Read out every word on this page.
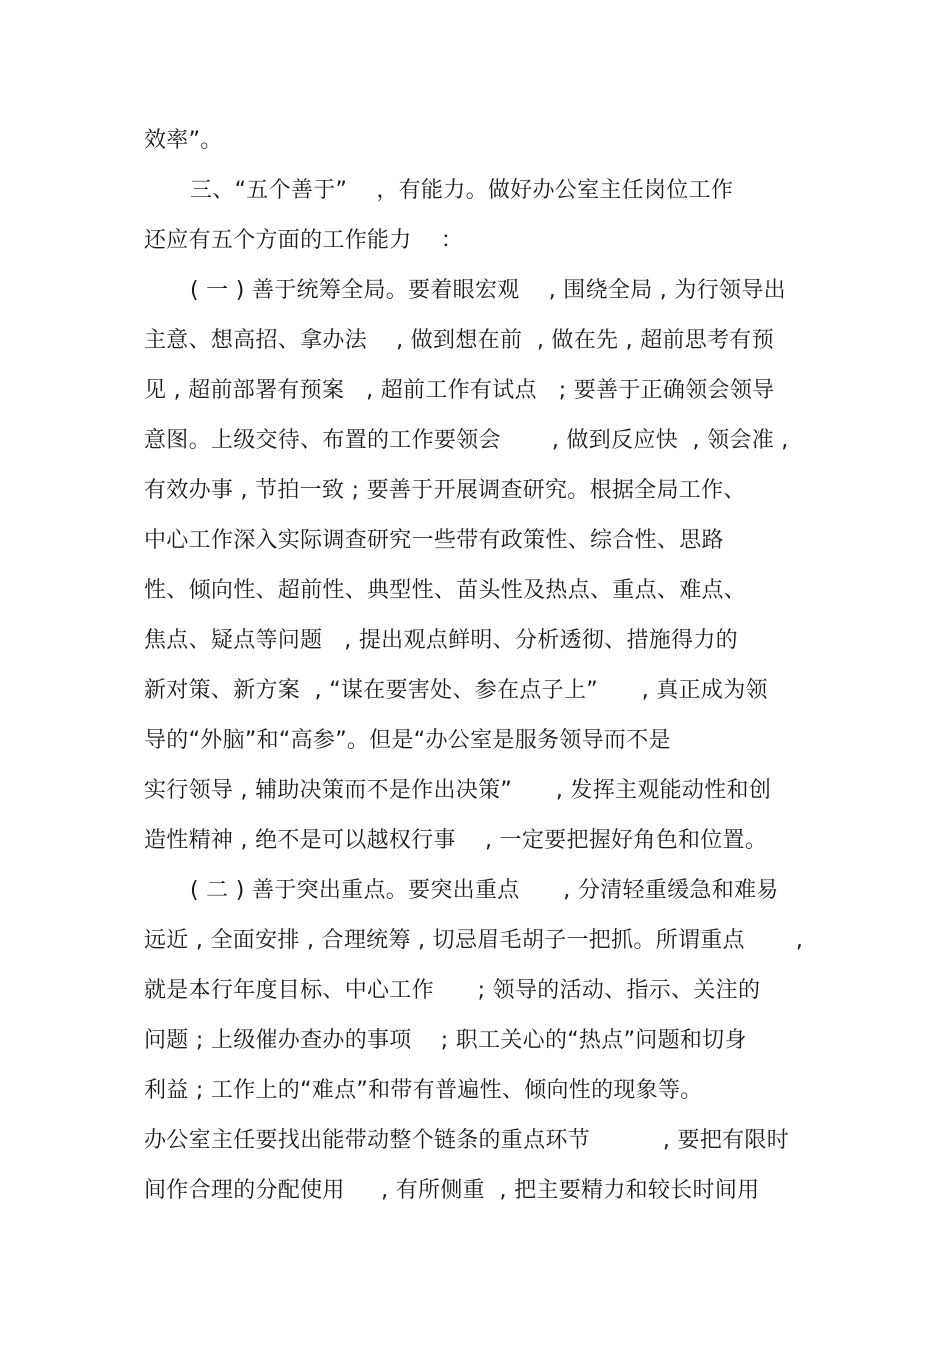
效率”。
三、“五个善于”    ，有能力。做好办公室主任岗位工作
还应有五个方面的工作能力    ：
( 一 ) 善于统筹全局。要着眼宏观    , 围绕全局 , 为行领导出
主意、想高招、拿办法    , 做到想在前  , 做在先 , 超前思考有预
见 , 超前部署有预案   , 超前工作有试点   ; 要善于正确领会领导
意图。上级交待、布置的工作要领会       , 做到反应快  , 领会准 ,
有效办事 , 节拍一致 ; 要善于开展调查研究。根据全局工作、
中心工作深入实际调查研究一些带有政策性、综合性、思路
性、倾向性、超前性、典型性、苗头性及热点、重点、难点、
焦点、疑点等问题   , 提出观点鲜明、分析透彻、措施得力的
新对策、新方案  , “谋在要害处、参在点子上”      , 真正成为领
导的“外脑”和“高参”。但是“办公室是服务领导而不是
实行领导 , 辅助决策而不是作出决策”      , 发挥主观能动性和创
造性精神 , 绝不是可以越权行事    , 一定要把握好角色和位置。
( 二 ) 善于突出重点。要突出重点      , 分清轻重缓急和难易
远近 , 全面安排 , 合理统筹 , 切忌眉毛胡子一把抓。所谓重点       ,
就是本行年度目标、中心工作      ; 领导的活动、指示、关注的
问题 ; 上级催办查办的事项    ; 职工关心的“热点”问题和切身
利益 ; 工作上的“难点”和带有普遍性、倾向性的现象等。
办公室主任要找出能带动整个链条的重点环节          , 要把有限时
间作合理的分配使用     , 有所侧重  , 把主要精力和较长时间用
